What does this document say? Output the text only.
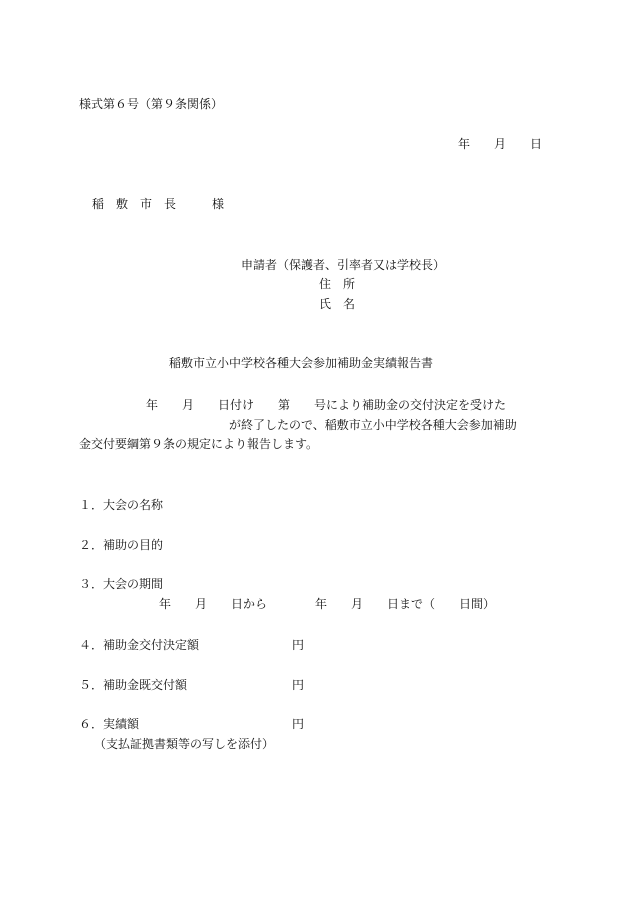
様式第６号（第９条関係）
年　　月　　日
稲　敷　市　長　　　様
申請者（保護者、引率者又は学校長）
住　所
氏　名
稲敷市立小中学校各種大会参加補助金実績報告書
年　　月　　日付け　　第　　号により補助金の交付決定を受けた
が終了したので、稲敷市立小中学校各種大会参加補助
金交付要綱第９条の規定により報告します。
１．大会の名称
２．補助の目的
３．大会の期間
年　　月　　日から　　　　年　　月　　日まで（　　日間）
４．補助金交付決定額	円
５．補助金既交付額	円
６．実績額	円
（支払証拠書類等の写しを添付）
